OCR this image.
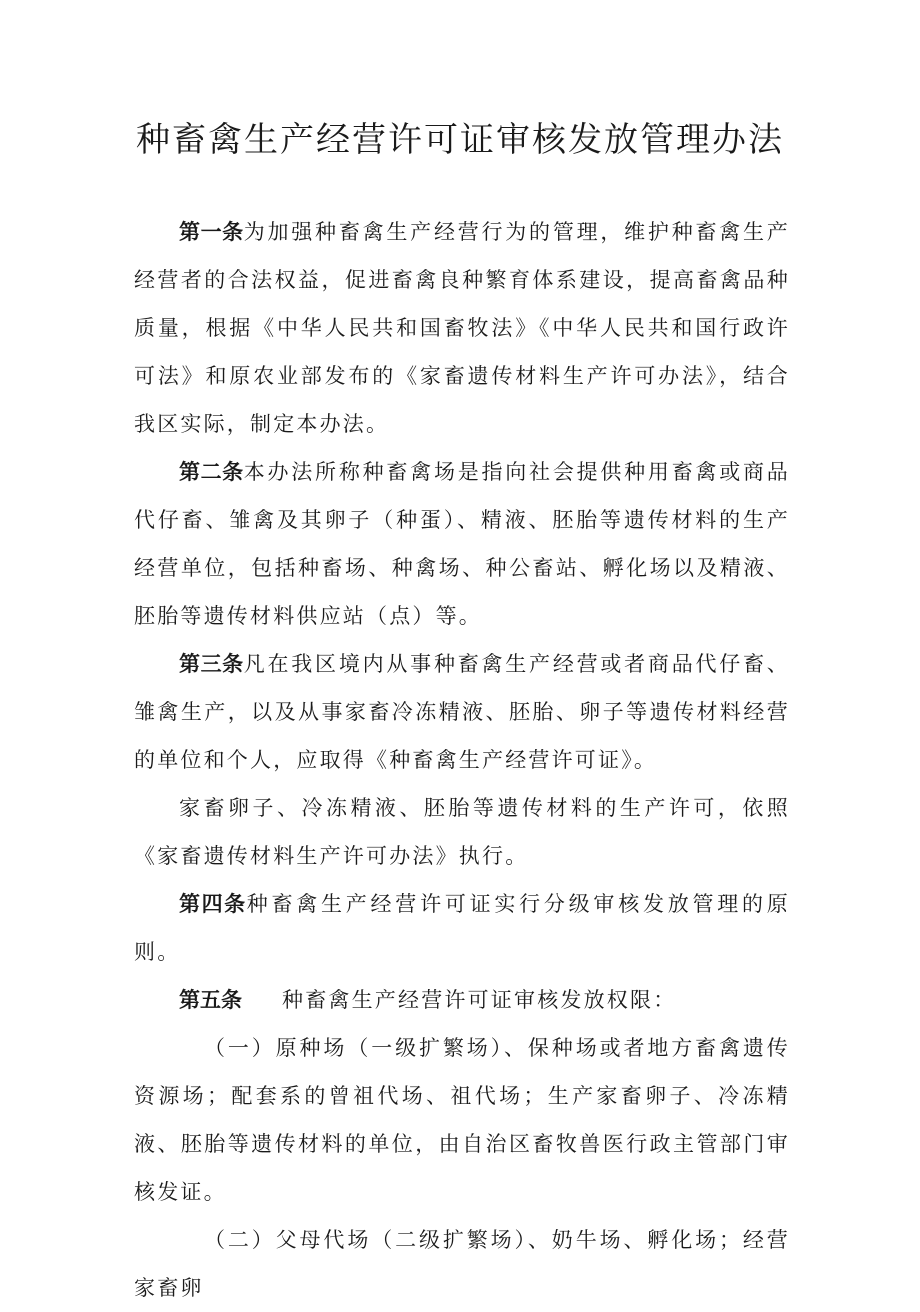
种畜禽生产经营许可证审核发放管理办法

第一条为加强种畜禽生产经营行为的管理，维护种畜禽生产经营者的合法权益，促进畜禽良种繁育体系建设，提高畜禽品种质量，根据《中华人民共和国畜牧法》《中华人民共和国行政许可法》和原农业部发布的《家畜遗传材料生产许可办法》，结合我区实际，制定本办法。

第二条本办法所称种畜禽场是指向社会提供种用畜禽或商品代仔畜、雏禽及其卵子（种蛋）、精液、胚胎等遗传材料的生产经营单位，包括种畜场、种禽场、种公畜站、孵化场以及精液、胚胎等遗传材料供应站（点）等。

第三条凡在我区境内从事种畜禽生产经营或者商品代仔畜、雏禽生产，以及从事家畜冷冻精液、胚胎、卵子等遗传材料经营的单位和个人，应取得《种畜禽生产经营许可证》。

家畜卵子、冷冻精液、胚胎等遗传材料的生产许可，依照《家畜遗传材料生产许可办法》执行。

第四条种畜禽生产经营许可证实行分级审核发放管理的原则。

第五条 种畜禽生产经营许可证审核发放权限：

（一）原种场（一级扩繁场）、保种场或者地方畜禽遗传资源场；配套系的曾祖代场、祖代场；生产家畜卵子、冷冻精液、胚胎等遗传材料的单位，由自治区畜牧兽医行政主管部门审核发证。

（二）父母代场（二级扩繁场）、奶牛场、孵化场；经营家畜卵
